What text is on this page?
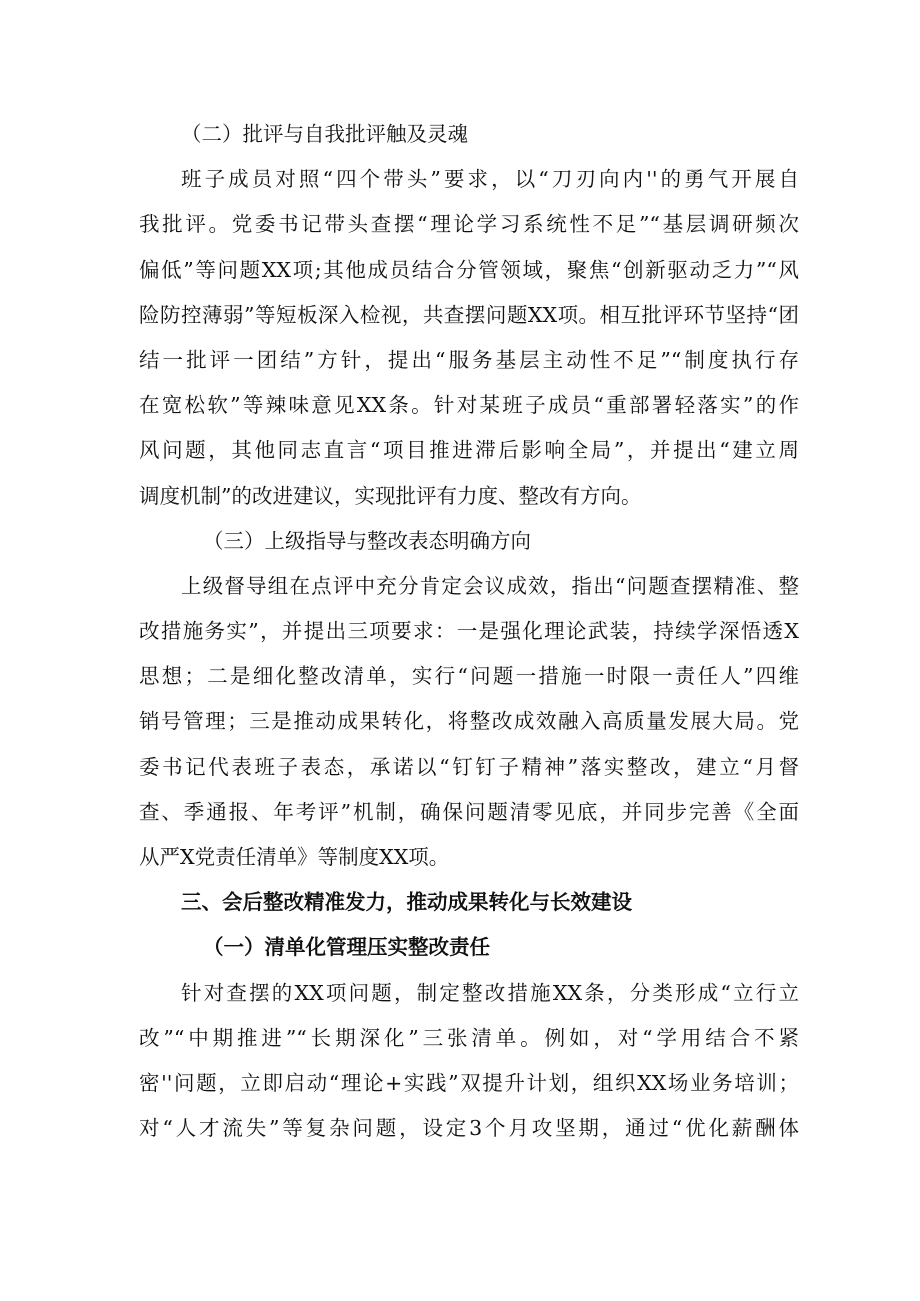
（二）批评与自我批评触及灵魂
班子成员对照“四个带头”要求，以“刀刃向内''的勇气开展自
我批评。党委书记带头查摆“理论学习系统性不足”“基层调研频次
偏低”等问题XX项;其他成员结合分管领域，聚焦“创新驱动乏力”“风
险防控薄弱”等短板深入检视，共查摆问题XX项。相互批评环节坚持“团
结一批评一团结”方针，提出“服务基层主动性不足”“制度执行存
在宽松软”等辣味意见XX条。针对某班子成员“重部署轻落实”的作
风问题，其他同志直言“项目推进滞后影响全局”，并提出“建立周
调度机制”的改进建议，实现批评有力度、整改有方向。
（三）上级指导与整改表态明确方向
上级督导组在点评中充分肯定会议成效，指出“问题查摆精准、整
改措施务实”，并提出三项要求：一是强化理论武装，持续学深悟透X
思想；二是细化整改清单，实行“问题一措施一时限一责任人”四维
销号管理；三是推动成果转化，将整改成效融入高质量发展大局。党
委书记代表班子表态，承诺以“钉钉子精神”落实整改，建立“月督
查、季通报、年考评”机制，确保问题清零见底，并同步完善《全面
从严X党责任清单》等制度XX项。
三、会后整改精准发力，推动成果转化与长效建设
（一）清单化管理压实整改责任
针对查摆的XX项问题，制定整改措施XX条，分类形成“立行立
改”“中期推进”“长期深化”三张清单。例如，对“学用结合不紧
密''问题，立即启动“理论+实践”双提升计划，组织XX场业务培训；
对“人才流失”等复杂问题，设定3个月攻坚期，通过“优化薪酬体
